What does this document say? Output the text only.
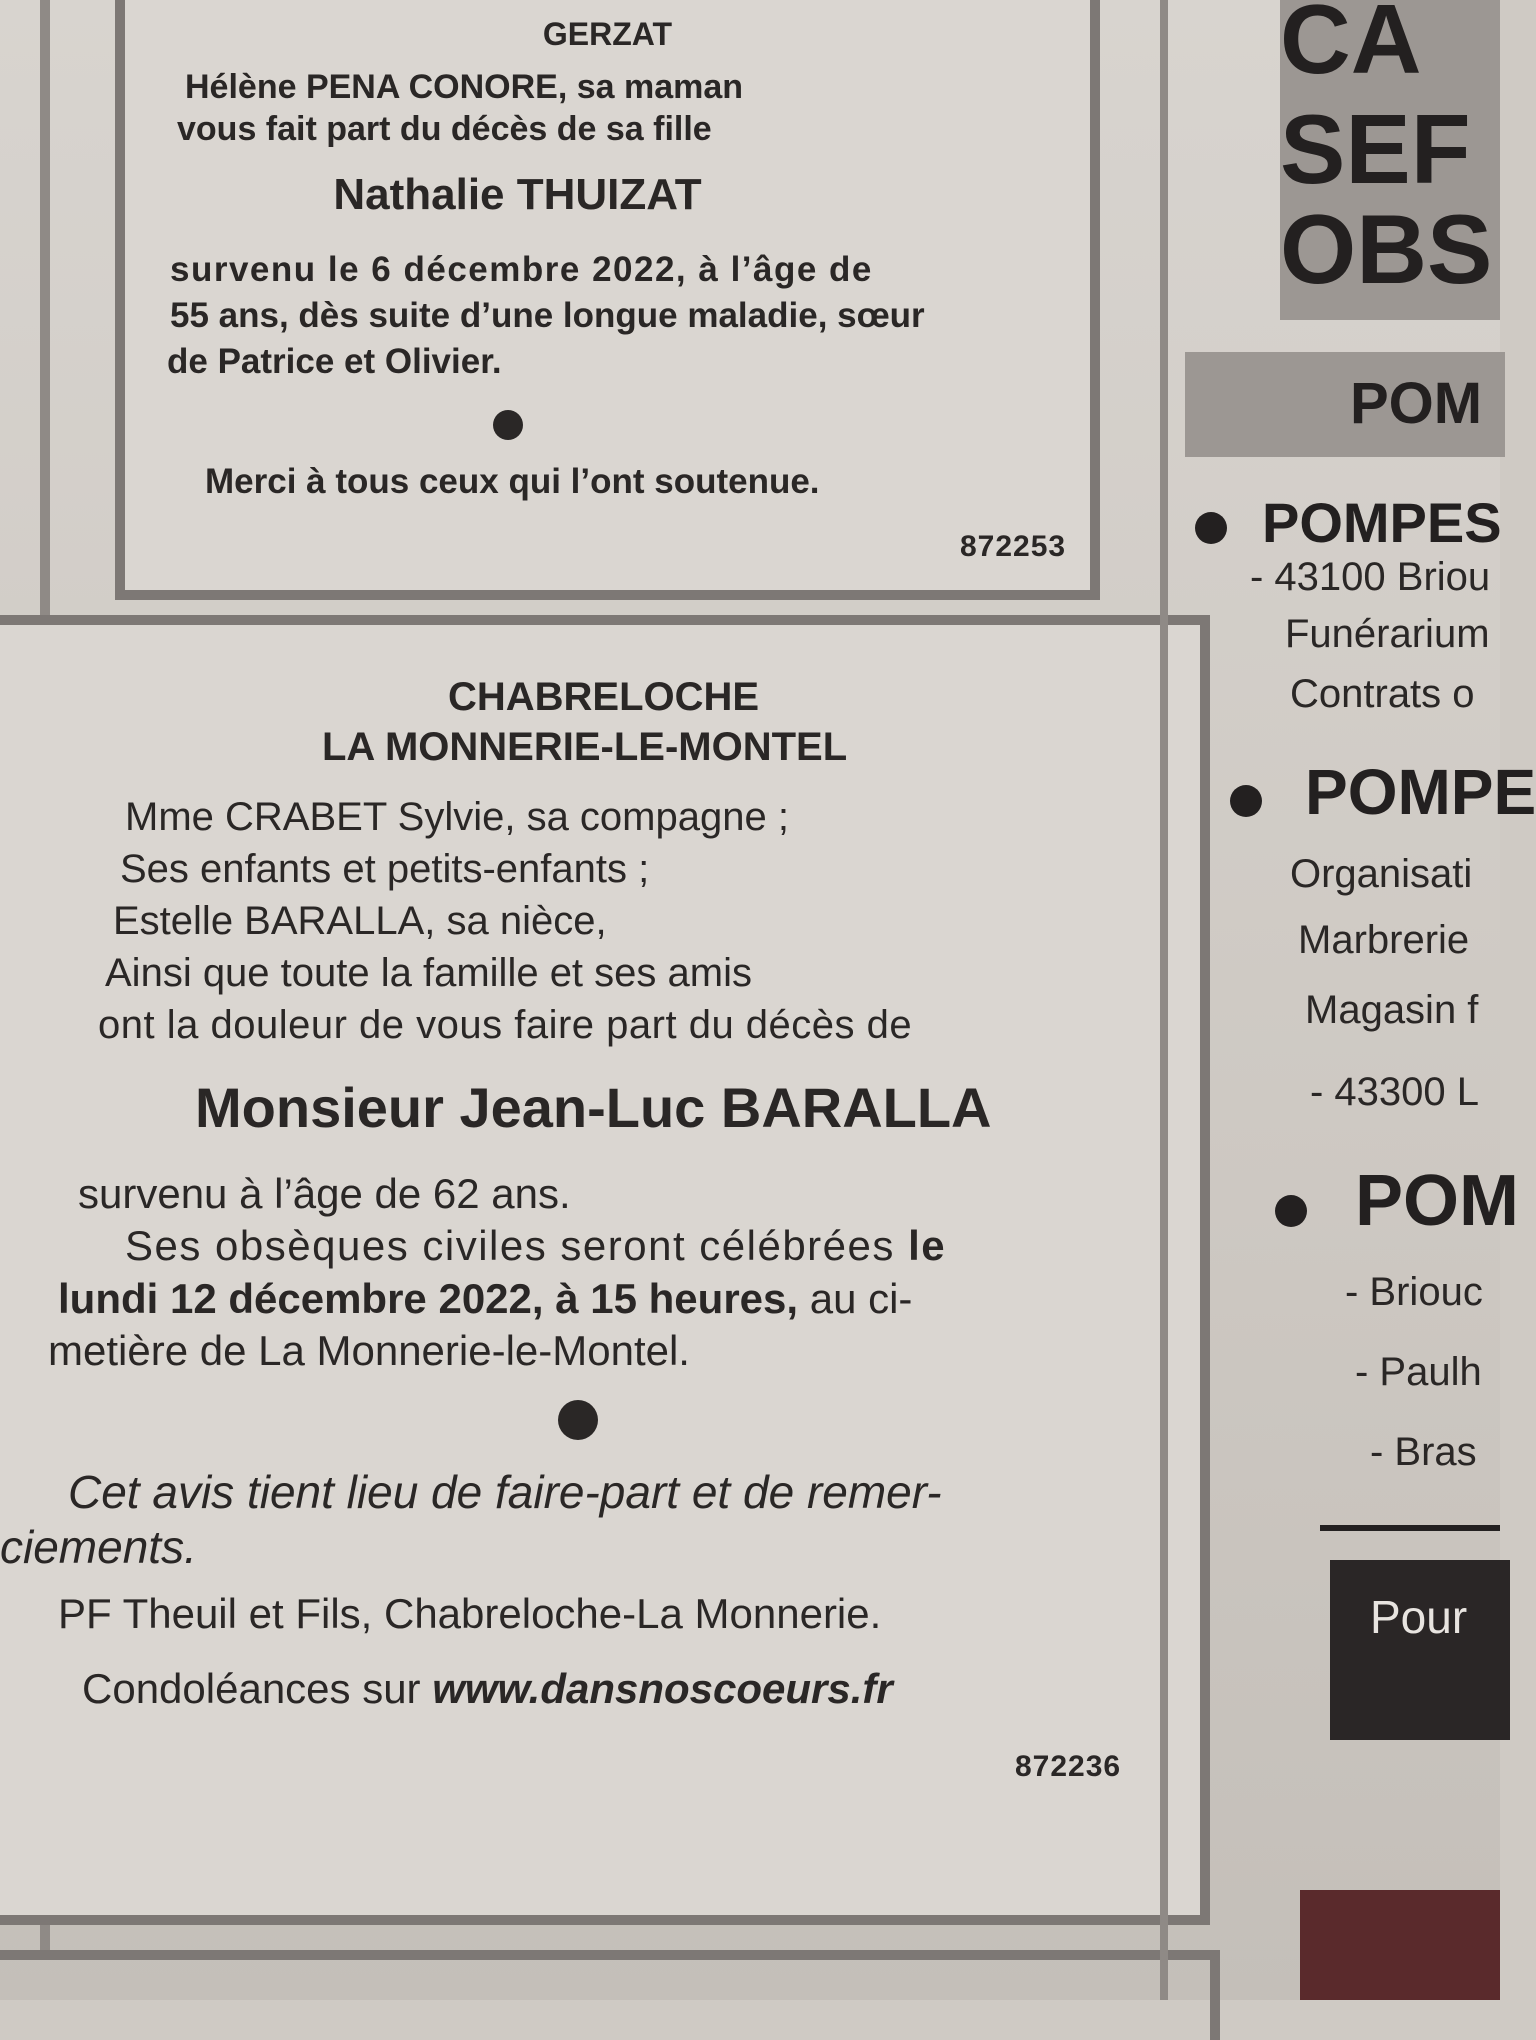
GERZAT
Hélène PENA CONORE, sa maman
vous fait part du décès de sa fille
Nathalie THUIZAT
survenu le 6 décembre 2022, à l’âge de
55 ans, dès suite d’une longue maladie, sœur
de Patrice et Olivier.
Merci à tous ceux qui l’ont soutenue.
872253
CHABRELOCHE
LA MONNERIE-LE-MONTEL
Mme CRABET Sylvie, sa compagne ;
Ses enfants et petits-enfants ;
Estelle BARALLA, sa nièce,
Ainsi que toute la famille et ses amis
ont la douleur de vous faire part du décès de
Monsieur Jean-Luc BARALLA
survenu à l’âge de 62 ans.
Ses obsèques civiles seront célébrées le
lundi 12 décembre 2022, à 15 heures, au ci-
metière de La Monnerie-le-Montel.
Cet avis tient lieu de faire-part et de remer-
ciements.
PF Theuil et Fils, Chabreloche-La Monnerie.
Condoléances sur www.dansnoscoeurs.fr
872236
CA
SEF
OBS
POM
POMPES
- 43100 Briou
Funérarium
Contrats o
POMPE
Organisati
Marbrerie
Magasin f
- 43300 L
POM
- Briouc
- Paulh
- Bras
Pour
